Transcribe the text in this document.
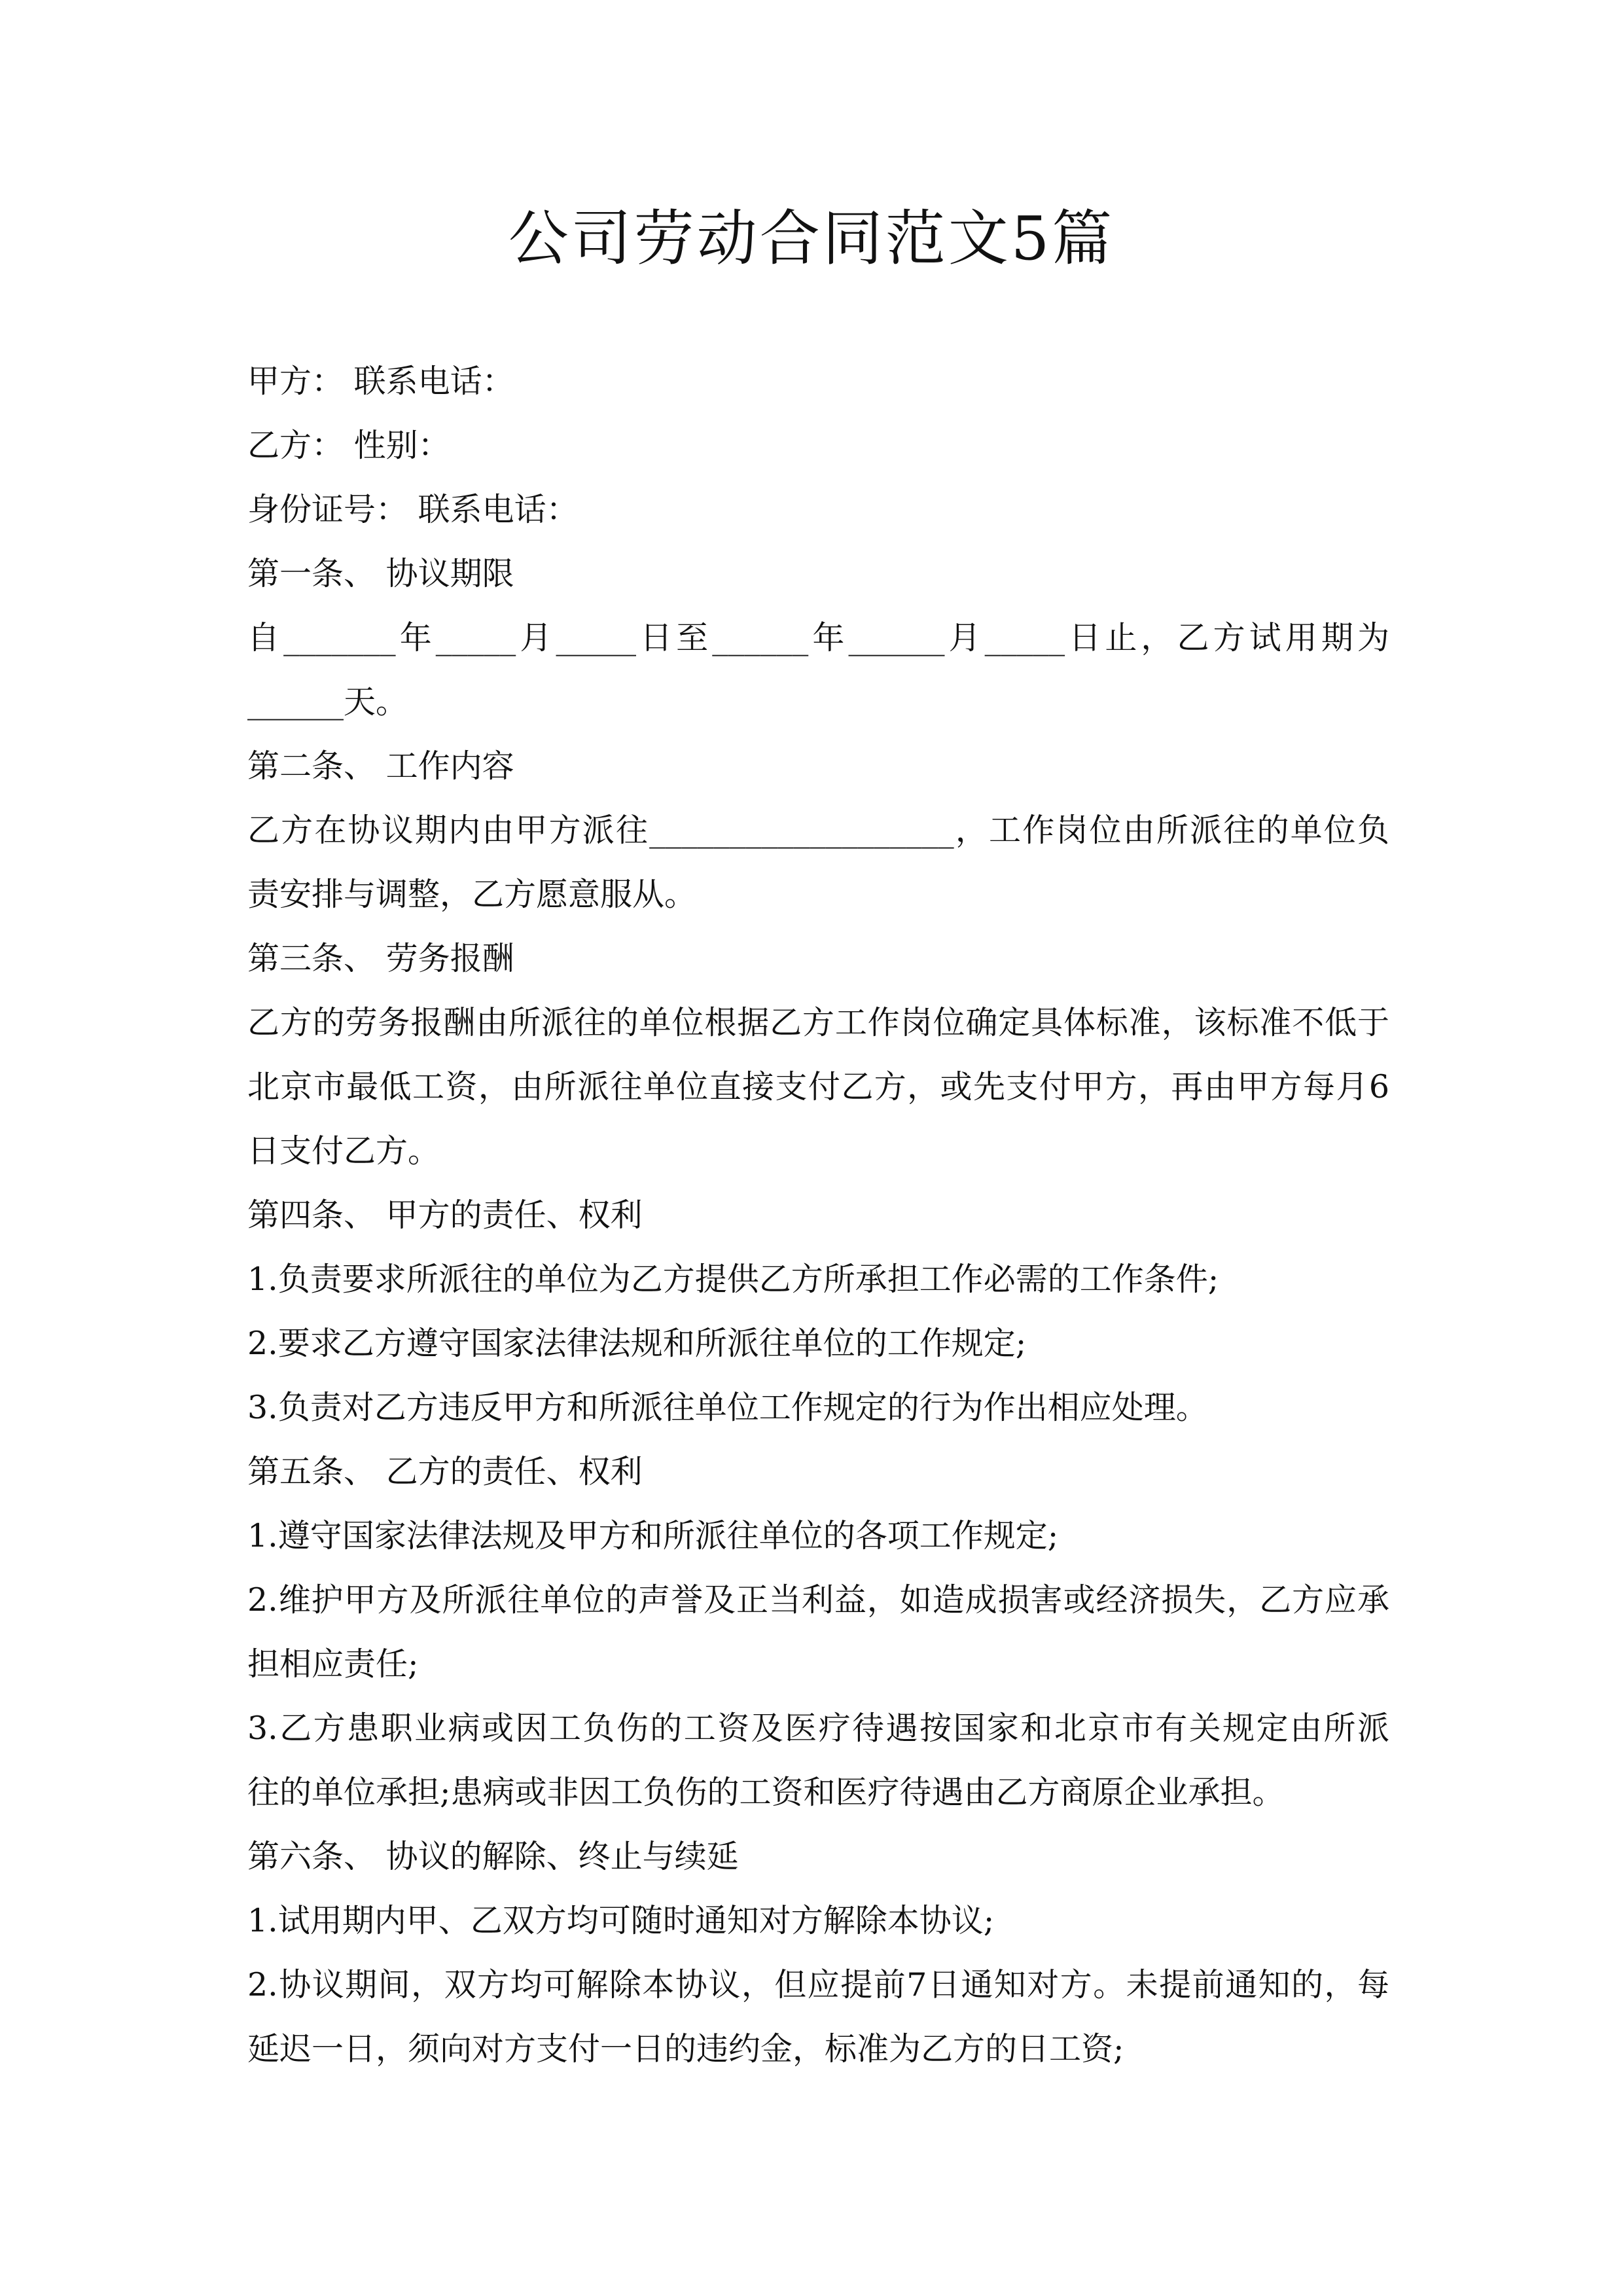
公司劳动合同范文5篇
甲方： 联系电话：
乙方： 性别：
身份证号： 联系电话：
第一条、 协议期限
自_______年_____月_____日至______年______月_____日止，乙方试用期为
______天。
第二条、 工作内容
乙方在协议期内由甲方派往___________________，工作岗位由所派往的单位负
责安排与调整，乙方愿意服从。
第三条、 劳务报酬
乙方的劳务报酬由所派往的单位根据乙方工作岗位确定具体标准，该标准不低于
北京市最低工资，由所派往单位直接支付乙方，或先支付甲方，再由甲方每月6
日支付乙方。
第四条、 甲方的责任、权利
1.负责要求所派往的单位为乙方提供乙方所承担工作必需的工作条件;
2.要求乙方遵守国家法律法规和所派往单位的工作规定;
3.负责对乙方违反甲方和所派往单位工作规定的行为作出相应处理。
第五条、 乙方的责任、权利
1.遵守国家法律法规及甲方和所派往单位的各项工作规定;
2.维护甲方及所派往单位的声誉及正当利益，如造成损害或经济损失，乙方应承
担相应责任;
3.乙方患职业病或因工负伤的工资及医疗待遇按国家和北京市有关规定由所派
往的单位承担;患病或非因工负伤的工资和医疗待遇由乙方商原企业承担。
第六条、 协议的解除、终止与续延
1.试用期内甲、乙双方均可随时通知对方解除本协议;
2.协议期间，双方均可解除本协议，但应提前7日通知对方。未提前通知的，每
延迟一日，须向对方支付一日的违约金，标准为乙方的日工资;
